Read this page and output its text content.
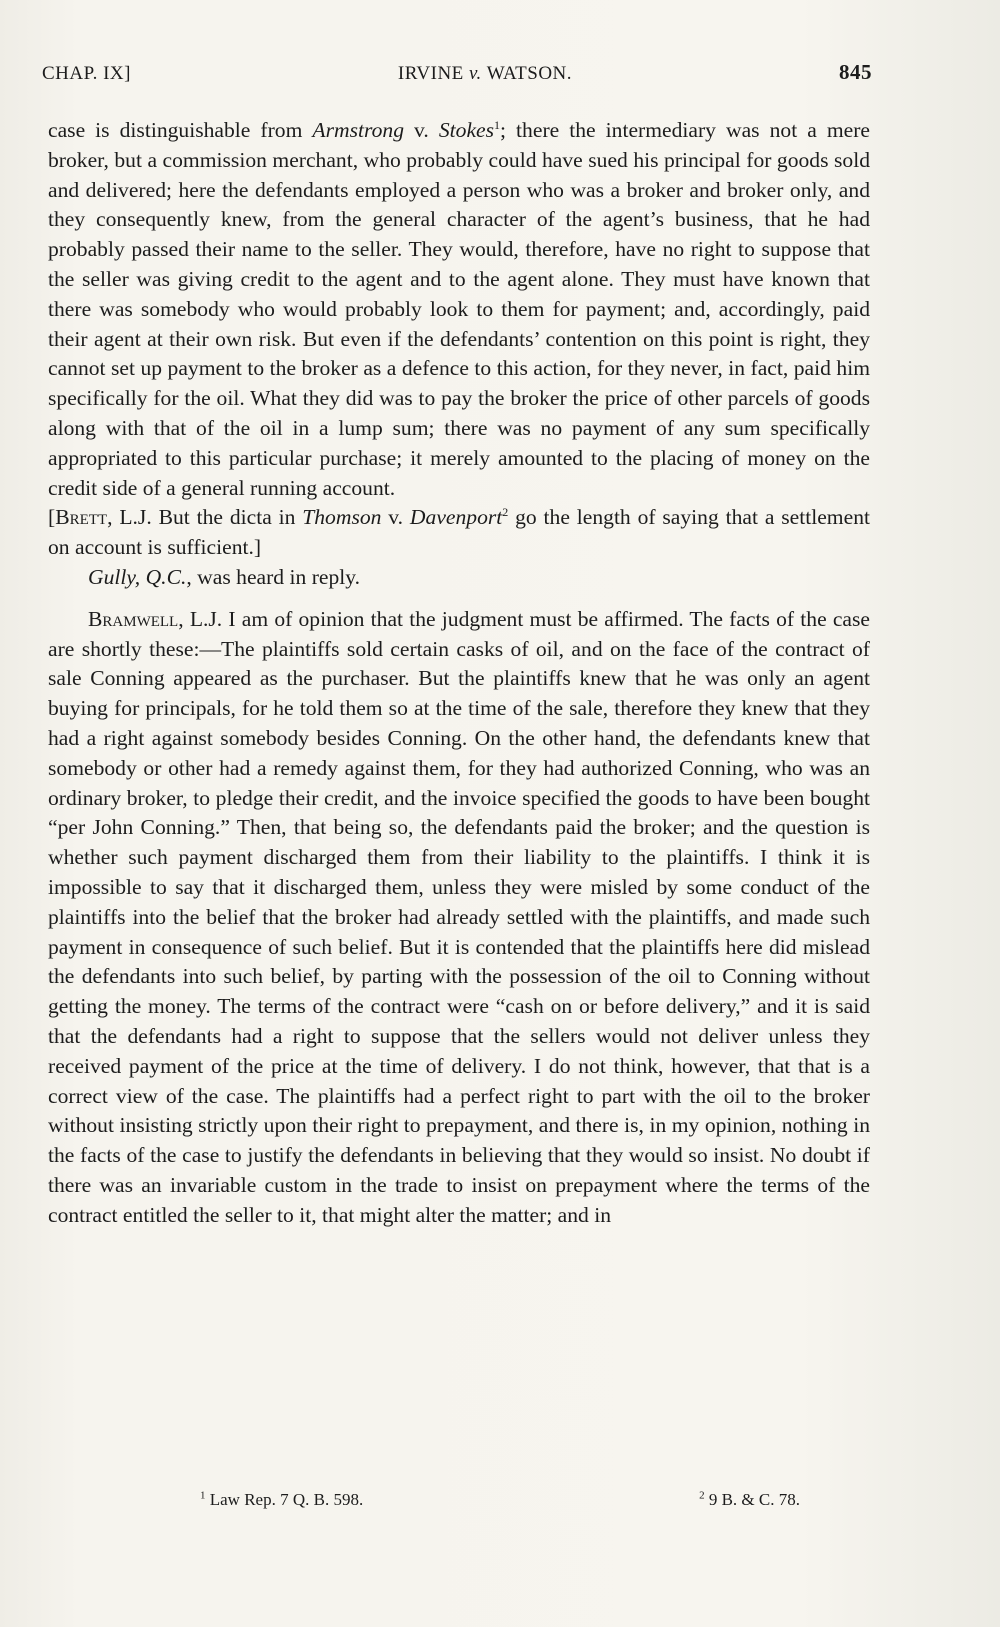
CHAP. IX]	IRVINE v. WATSON.	845

case is distinguishable from Armstrong v. Stokes$^1$; there the intermediary was not a mere broker, but a commission merchant, who probably could have sued his principal for goods sold and delivered; here the defendants employed a person who was a broker and broker only, and they consequently knew, from the general character of the agent’s business, that he had probably passed their name to the seller. They would, therefore, have no right to suppose that the seller was giving credit to the agent and to the agent alone. They must have known that there was somebody who would probably look to them for payment; and, accordingly, paid their agent at their own risk. But even if the defendants’ contention on this point is right, they cannot set up payment to the broker as a defence to this action, for they never, in fact, paid him specifically for the oil. What they did was to pay the broker the price of other parcels of goods along with that of the oil in a lump sum; there was no payment of any sum specifically appropriated to this particular purchase; it merely amounted to the placing of money on the credit side of a general running account.

[Brett, L.J. But the dicta in Thomson v. Davenport$^2$ go the length of saying that a settlement on account is sufficient.]

Gully, Q.C., was heard in reply.

Bramwell, L.J. I am of opinion that the judgment must be affirmed. The facts of the case are shortly these:—The plaintiffs sold certain casks of oil, and on the face of the contract of sale Conning appeared as the purchaser. But the plaintiffs knew that he was only an agent buying for principals, for he told them so at the time of the sale, therefore they knew that they had a right against somebody besides Conning. On the other hand, the defendants knew that somebody or other had a remedy against them, for they had authorized Conning, who was an ordinary broker, to pledge their credit, and the invoice specified the goods to have been bought “per John Conning.” Then, that being so, the defendants paid the broker; and the question is whether such payment discharged them from their liability to the plaintiffs. I think it is impossible to say that it discharged them, unless they were misled by some conduct of the plaintiffs into the belief that the broker had already settled with the plaintiffs, and made such payment in consequence of such belief. But it is contended that the plaintiffs here did mislead the defendants into such belief, by parting with the possession of the oil to Conning without getting the money. The terms of the contract were “cash on or before delivery,” and it is said that the defendants had a right to suppose that the sellers would not deliver unless they received payment of the price at the time of delivery. I do not think, however, that that is a correct view of the case. The plaintiffs had a perfect right to part with the oil to the broker without insisting strictly upon their right to prepayment, and there is, in my opinion, nothing in the facts of the case to justify the defendants in believing that they would so insist. No doubt if there was an invariable custom in the trade to insist on prepayment where the terms of the contract entitled the seller to it, that might alter the matter; and in

$^1$ Law Rep. 7 Q. B. 598.	$^2$ 9 B. & C. 78.
